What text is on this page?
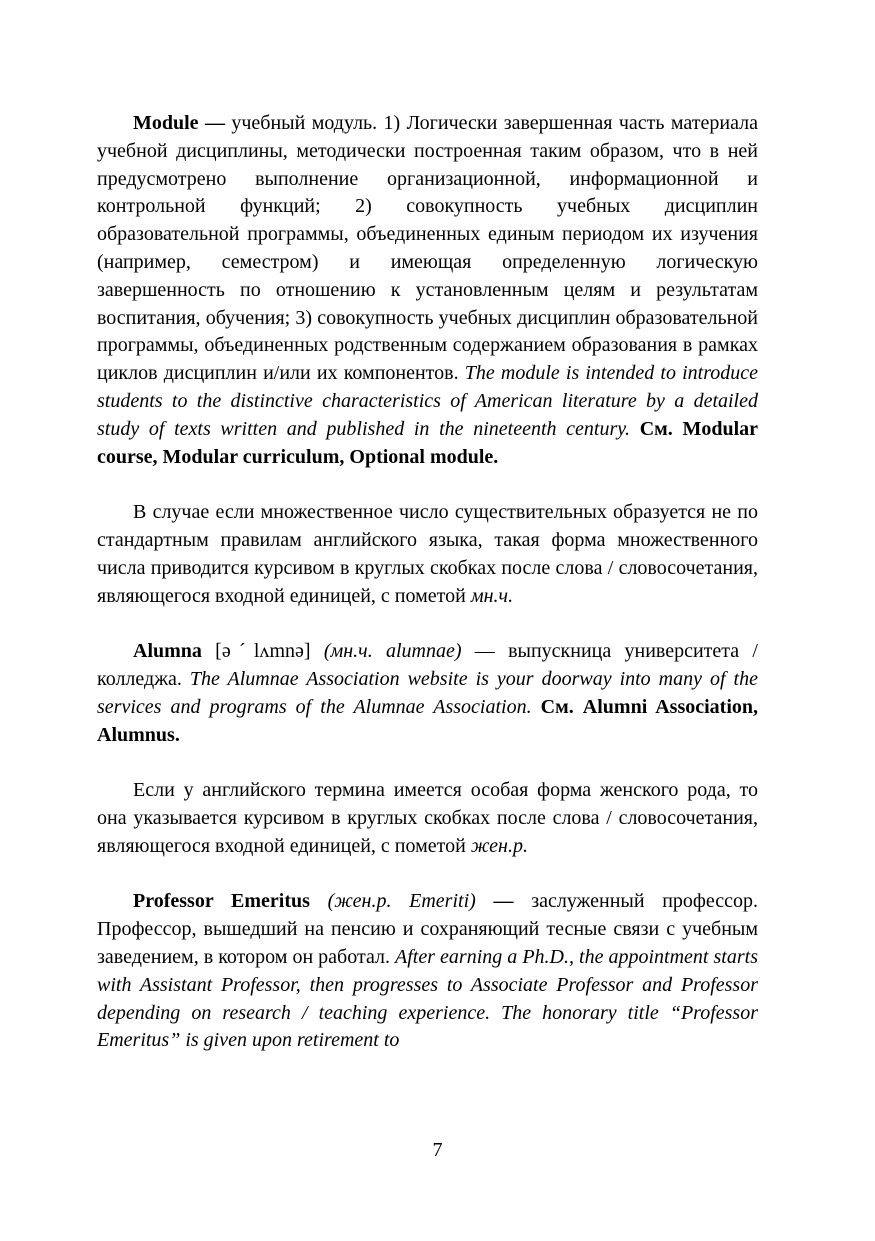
Module — учебный модуль. 1) Логически завершенная часть материала учебной дисциплины, методически построенная таким образом, что в ней предусмотрено выполнение организационной, информационной и контрольной функций; 2) совокупность учебных дисциплин образовательной программы, объединенных единым периодом их изучения (например, семестром) и имеющая определенную логическую завершенность по отношению к установленным целям и результатам воспитания, обучения; 3) совокупность учебных дисциплин образовательной программы, объединенных родственным содержанием образования в рамках циклов дисциплин и/или их компонентов. The module is intended to introduce students to the distinctive characteristics of American literature by a detailed study of texts written and published in the nineteenth century. См. Modular course, Modular curriculum, Optional module.

В случае если множественное число существительных образуется не по стандартным правилам английского языка, такая форма множественного числа приводится курсивом в круглых скобках после слова / словосочетания, являющегося входной единицей, с пометой мн.ч.

Alumna [əˊlʌmnə] (мн.ч. alumnae) — выпускница университета / колледжа. The Alumnae Association website is your doorway into many of the services and programs of the Alumnae Association. См. Alumni Association, Alumnus.

Если у английского термина имеется особая форма женского рода, то она указывается курсивом в круглых скобках после слова / словосочетания, являющегося входной единицей, с пометой жен.р.

Professor Emeritus (жен.р. Emeriti) — заслуженный профессор. Профессор, вышедший на пенсию и сохраняющий тесные связи с учебным заведением, в котором он работал. After earning a Ph.D., the appointment starts with Assistant Professor, then progresses to Associate Professor and Professor depending on research / teaching experience. The honorary title “Professor Emeritus” is given upon retirement to

7
